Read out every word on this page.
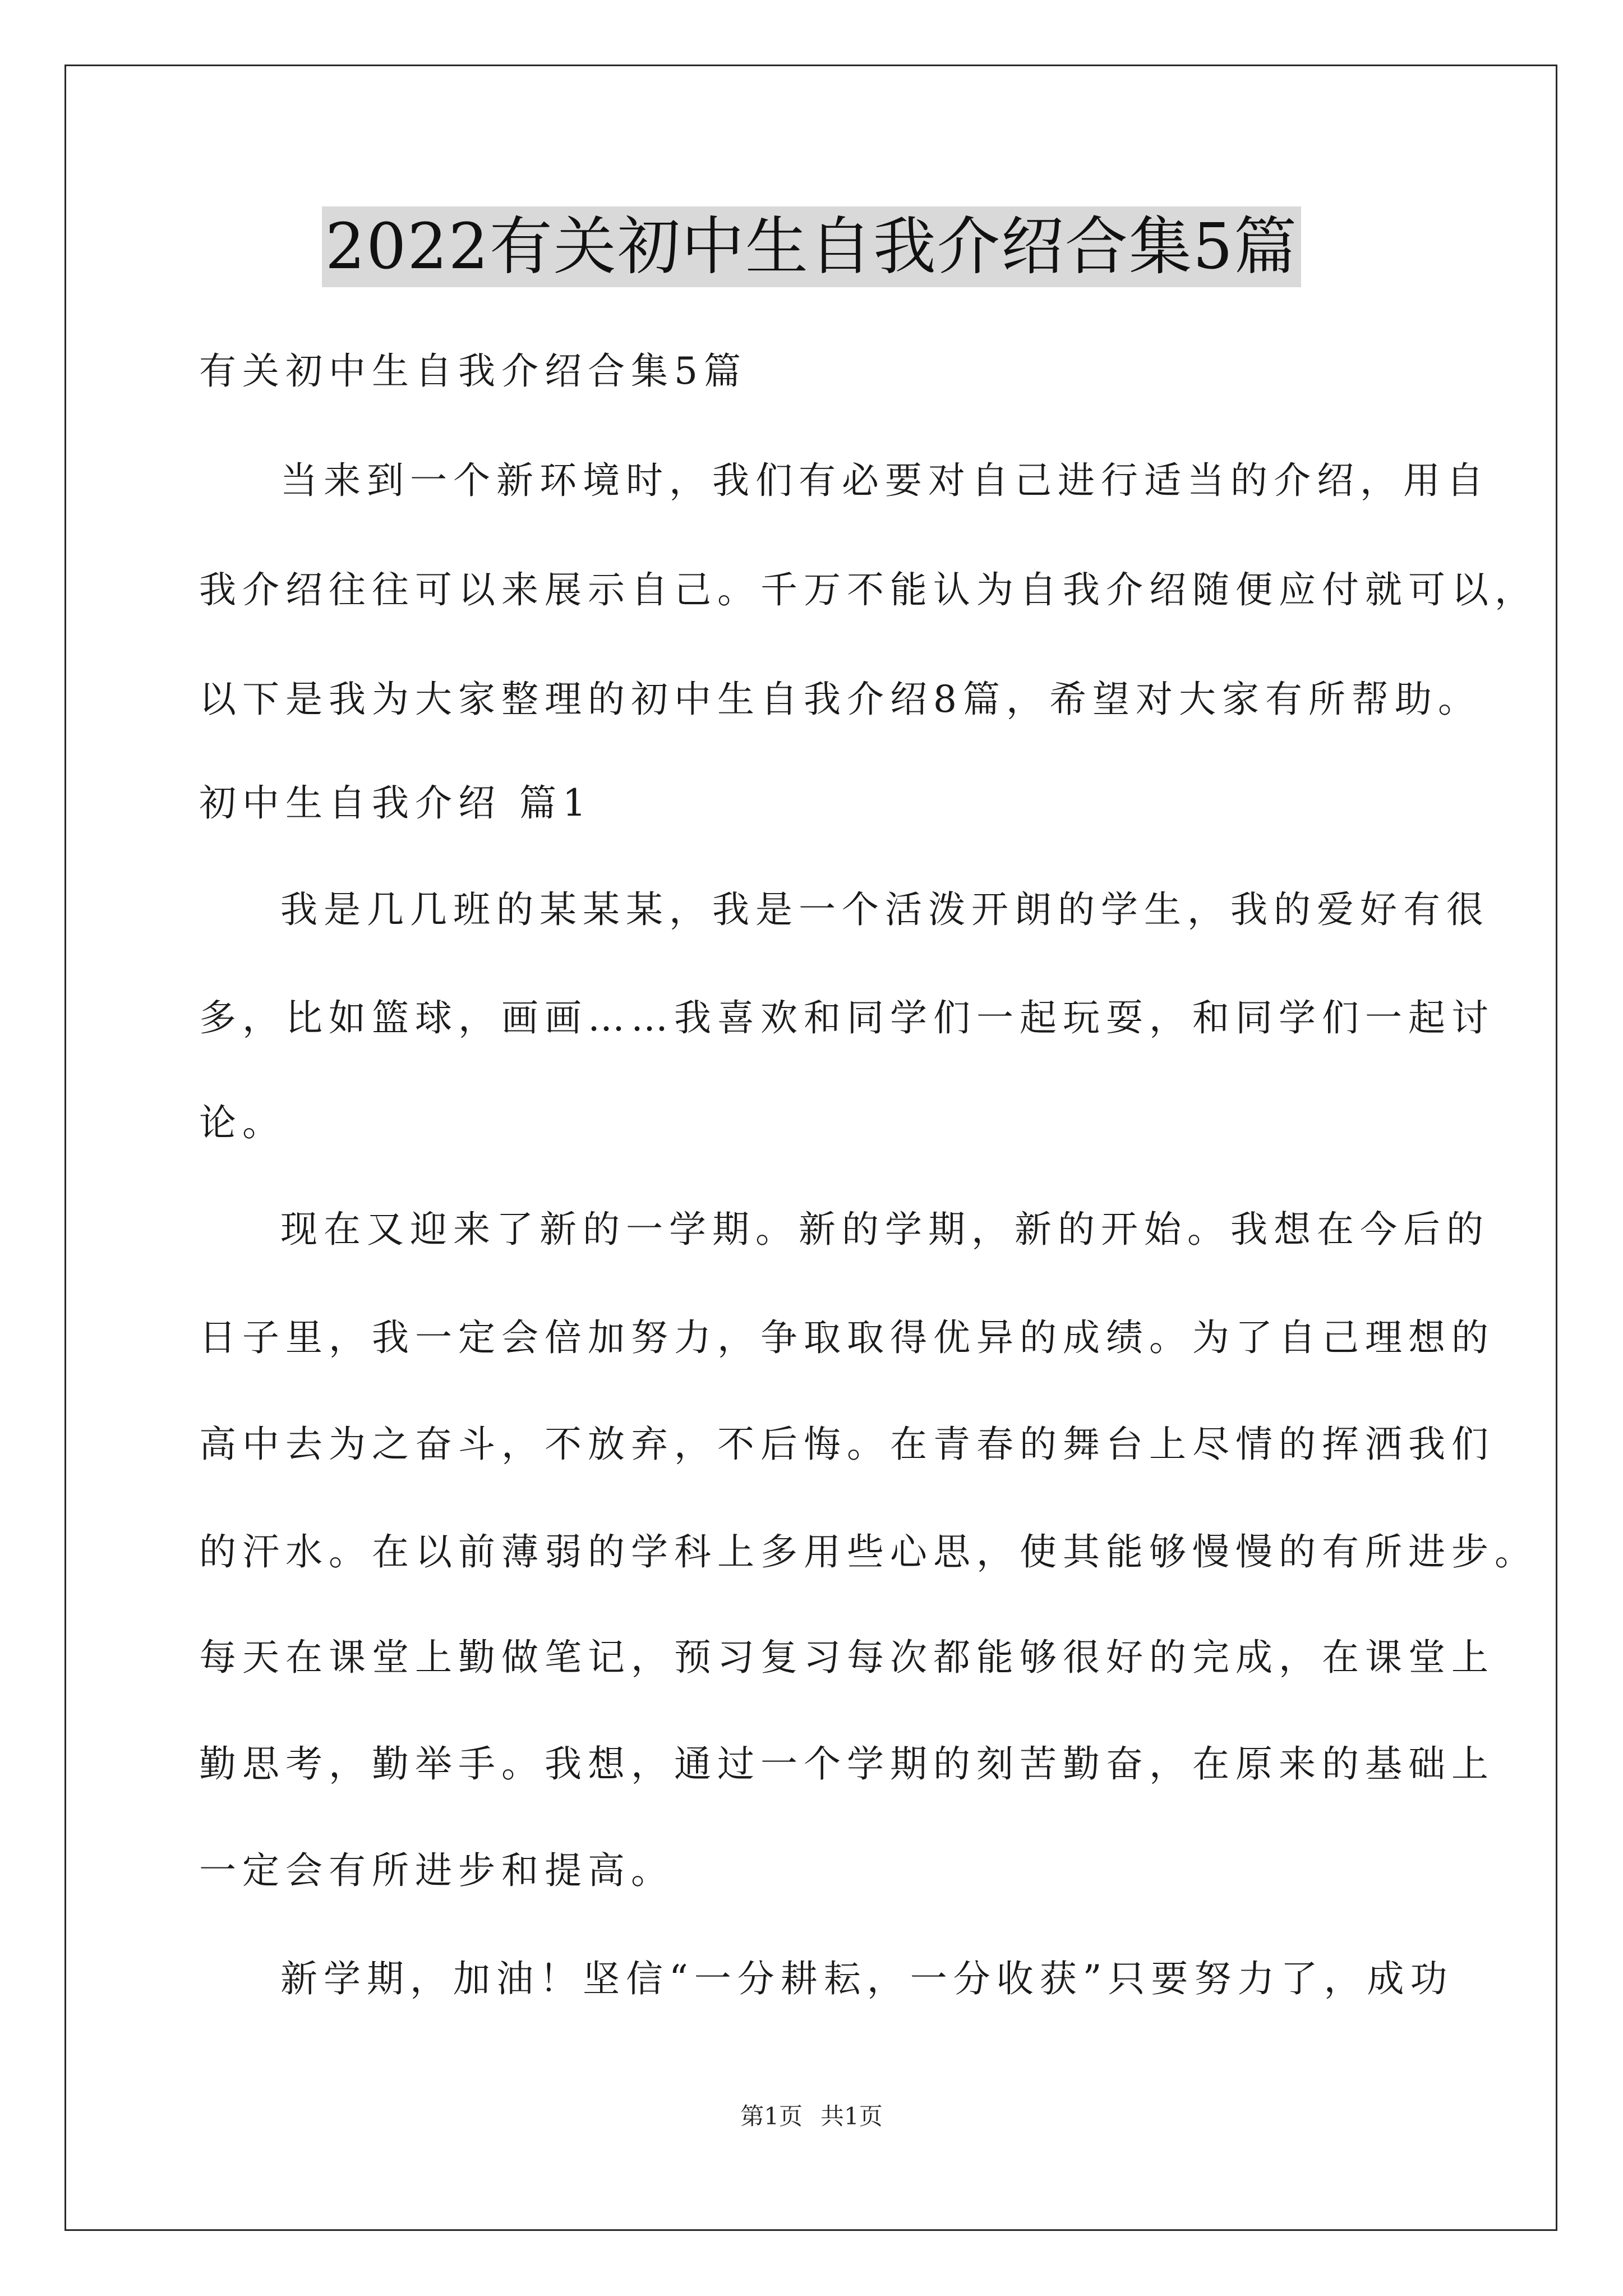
2022有关初中生自我介绍合集5篇
有关初中生自我介绍合集5篇
当来到一个新环境时，我们有必要对自己进行适当的介绍，用自
我介绍往往可以来展示自己。千万不能认为自我介绍随便应付就可以，
以下是我为大家整理的初中生自我介绍8篇，希望对大家有所帮助。
初中生自我介绍 篇1
我是几几班的某某某，我是一个活泼开朗的学生，我的爱好有很
多，比如篮球，画画……我喜欢和同学们一起玩耍，和同学们一起讨
论。
现在又迎来了新的一学期。新的学期，新的开始。我想在今后的
日子里，我一定会倍加努力，争取取得优异的成绩。为了自己理想的
高中去为之奋斗，不放弃，不后悔。在青春的舞台上尽情的挥洒我们
的汗水。在以前薄弱的学科上多用些心思，使其能够慢慢的有所进步。
每天在课堂上勤做笔记，预习复习每次都能够很好的完成，在课堂上
勤思考，勤举手。我想，通过一个学期的刻苦勤奋，在原来的基础上
一定会有所进步和提高。
新学期，加油！坚信“一分耕耘，一分收获”只要努力了，成功
第1页 共1页
